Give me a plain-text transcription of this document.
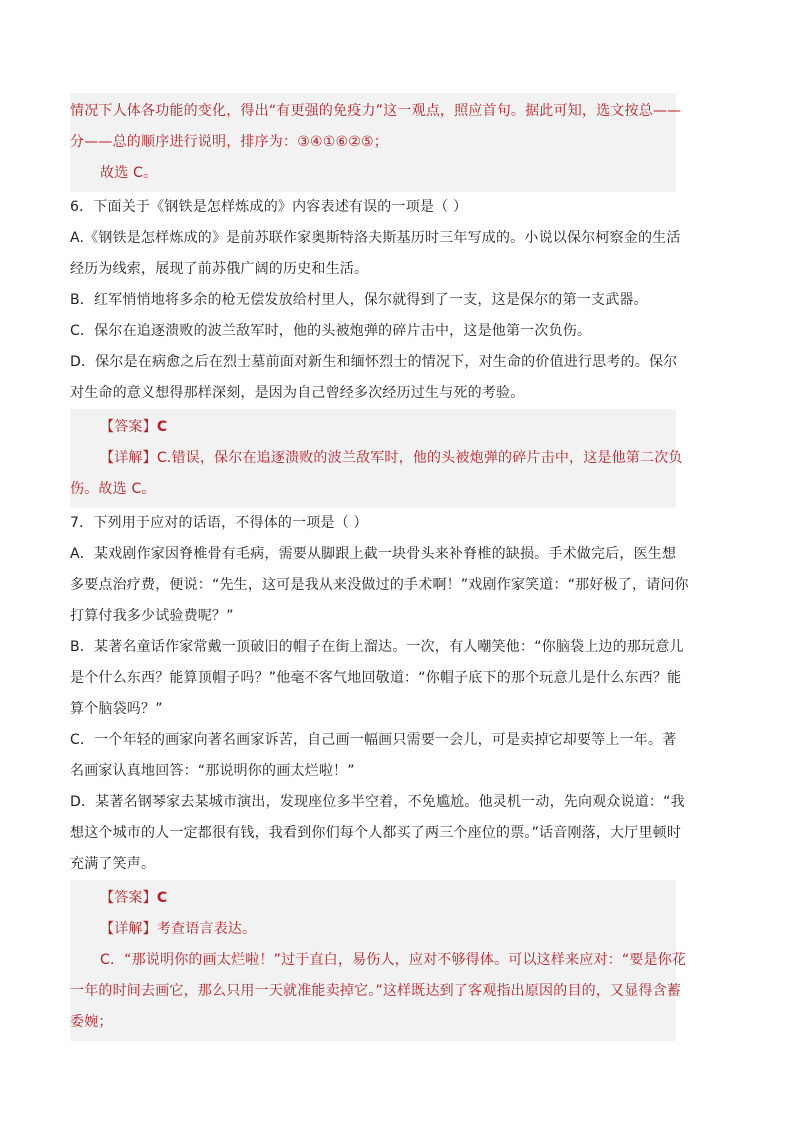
情况下人体各功能的变化，得出“有更强的免疫力”这一观点，照应首句。据此可知，选文按总——
分——总的顺序进行说明，排序为：③④①⑥②⑤；
故选 C。
6．下面关于《钢铁是怎样炼成的》内容表述有误的一项是（ ）
A.《钢铁是怎样炼成的》是前苏联作家奥斯特洛夫斯基历时三年写成的。小说以保尔柯察金的生活
经历为线索，展现了前苏俄广阔的历史和生活。
B．红军悄悄地将多余的枪无偿发放给村里人，保尔就得到了一支，这是保尔的第一支武器。
C．保尔在追逐溃败的波兰敌军时，他的头被炮弹的碎片击中，这是他第一次负伤。
D．保尔是在病愈之后在烈士墓前面对新生和缅怀烈士的情况下，对生命的价值进行思考的。保尔
对生命的意义想得那样深刻，是因为自己曾经多次经历过生与死的考验。
【答案】C
【详解】C.错误，保尔在追逐溃败的波兰敌军时，他的头被炮弹的碎片击中，这是他第二次负
伤。故选 C。
7．下列用于应对的话语，不得体的一项是（ ）
A．某戏剧作家因脊椎骨有毛病，需要从脚跟上截一块骨头来补脊椎的缺损。手术做完后，医生想
多要点治疗费，便说：“先生，这可是我从来没做过的手术啊！”戏剧作家笑道：“那好极了，请问你
打算付我多少试验费呢？”
B．某著名童话作家常戴一顶破旧的帽子在街上溜达。一次，有人嘲笑他：“你脑袋上边的那玩意儿
是个什么东西？能算顶帽子吗？”他毫不客气地回敬道：“你帽子底下的那个玩意儿是什么东西？能
算个脑袋吗？”
C．一个年轻的画家向著名画家诉苦，自己画一幅画只需要一会儿，可是卖掉它却要等上一年。著
名画家认真地回答：“那说明你的画太烂啦！”
D．某著名钢琴家去某城市演出，发现座位多半空着，不免尴尬。他灵机一动，先向观众说道：“我
想这个城市的人一定都很有钱，我看到你们每个人都买了两三个座位的票。”话音刚落，大厅里顿时
充满了笑声。
【答案】C
【详解】考查语言表达。
C．“那说明你的画太烂啦！”过于直白，易伤人，应对不够得体。可以这样来应对：“要是你花
一年的时间去画它，那么只用一天就准能卖掉它。”这样既达到了客观指出原因的目的，又显得含蓄
委婉；
